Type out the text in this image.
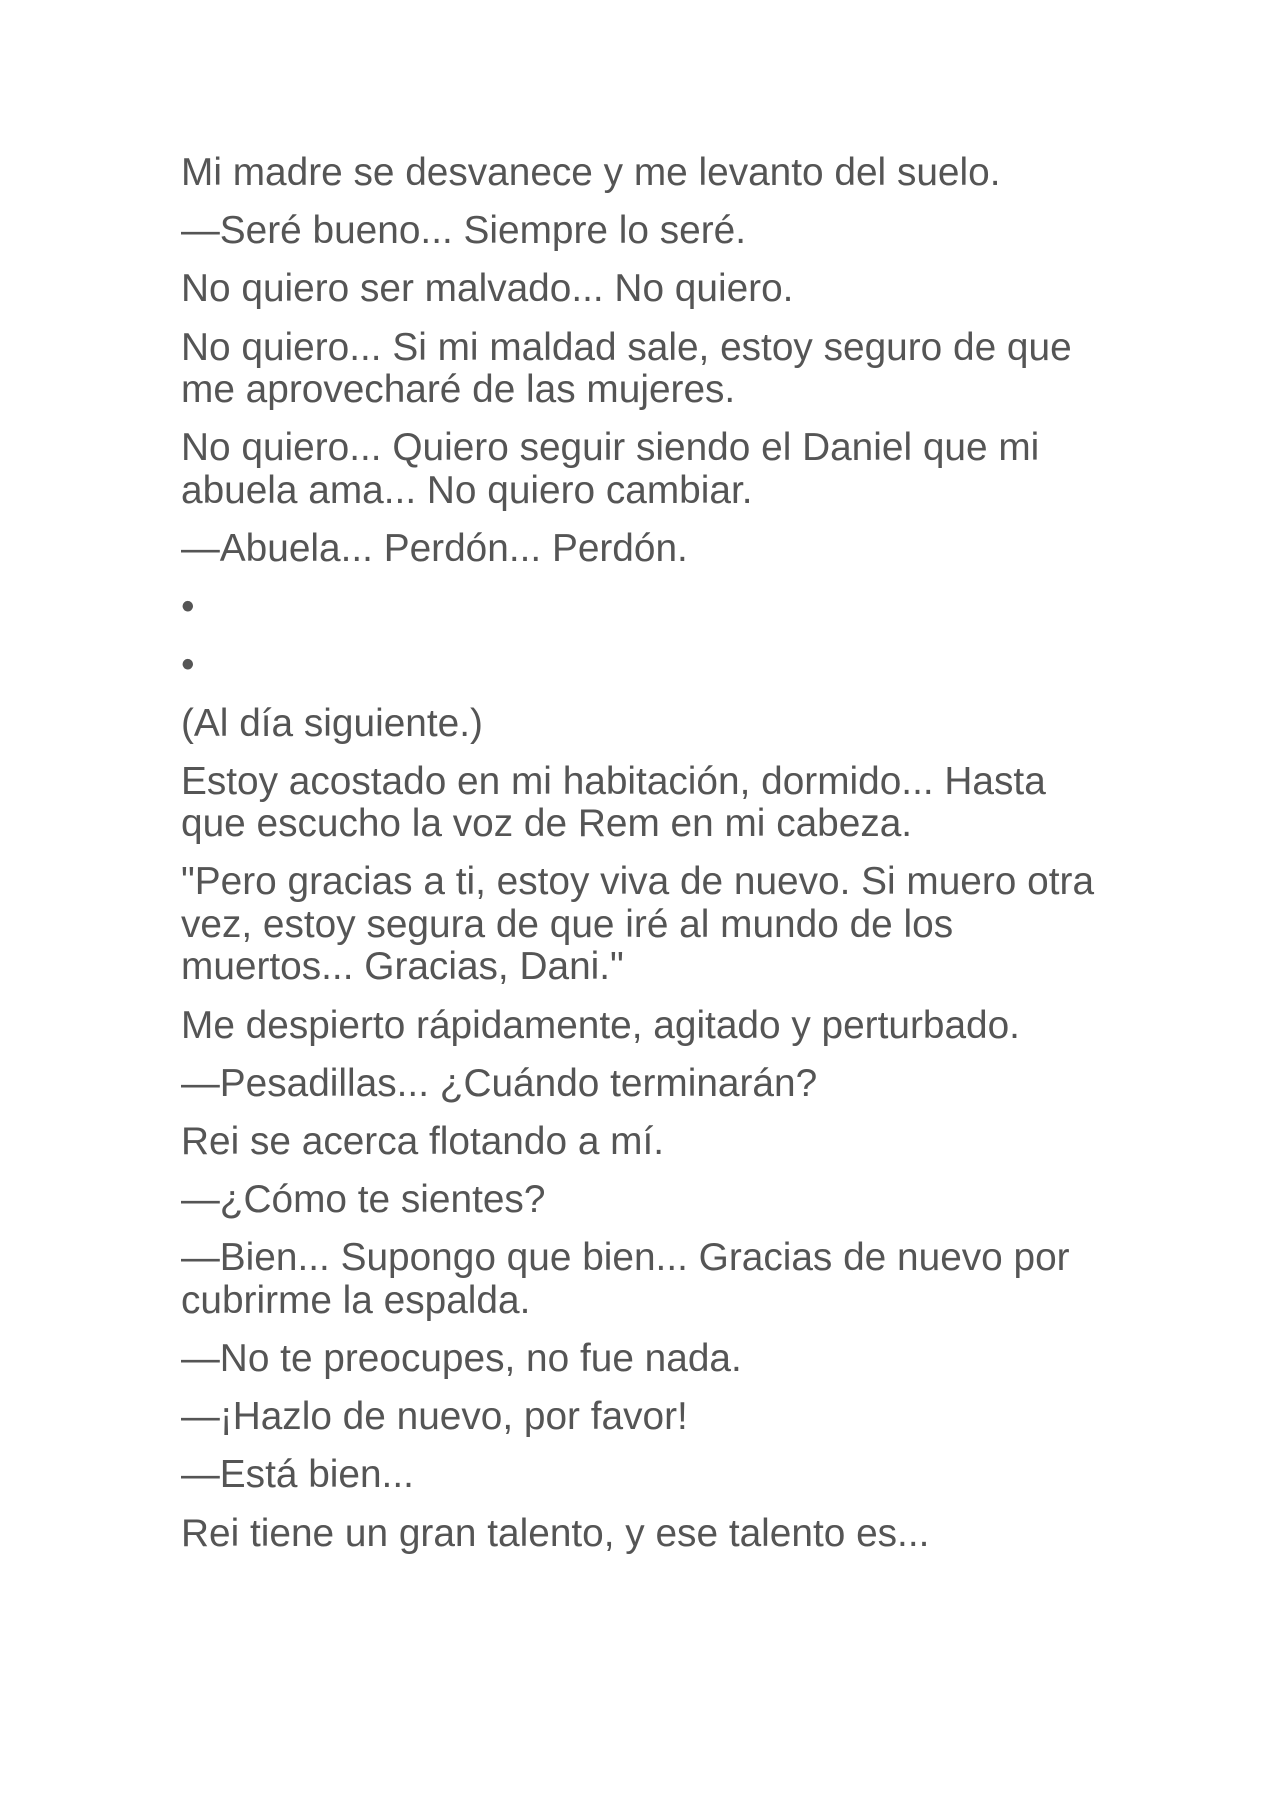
Mi madre se desvanece y me levanto del suelo.

—Seré bueno... Siempre lo seré.

No quiero ser malvado... No quiero.

No quiero... Si mi maldad sale, estoy seguro de que
me aprovecharé de las mujeres.

No quiero... Quiero seguir siendo el Daniel que mi
abuela ama... No quiero cambiar.

—Abuela... Perdón... Perdón.

•

•

(Al día siguiente.)

Estoy acostado en mi habitación, dormido... Hasta
que escucho la voz de Rem en mi cabeza.

"Pero gracias a ti, estoy viva de nuevo. Si muero otra
vez, estoy segura de que iré al mundo de los
muertos... Gracias, Dani."

Me despierto rápidamente, agitado y perturbado.

—Pesadillas... ¿Cuándo terminarán?

Rei se acerca flotando a mí.

—¿Cómo te sientes?

—Bien... Supongo que bien... Gracias de nuevo por
cubrirme la espalda.

—No te preocupes, no fue nada.

—¡Hazlo de nuevo, por favor!

—Está bien...

Rei tiene un gran talento, y ese talento es...
